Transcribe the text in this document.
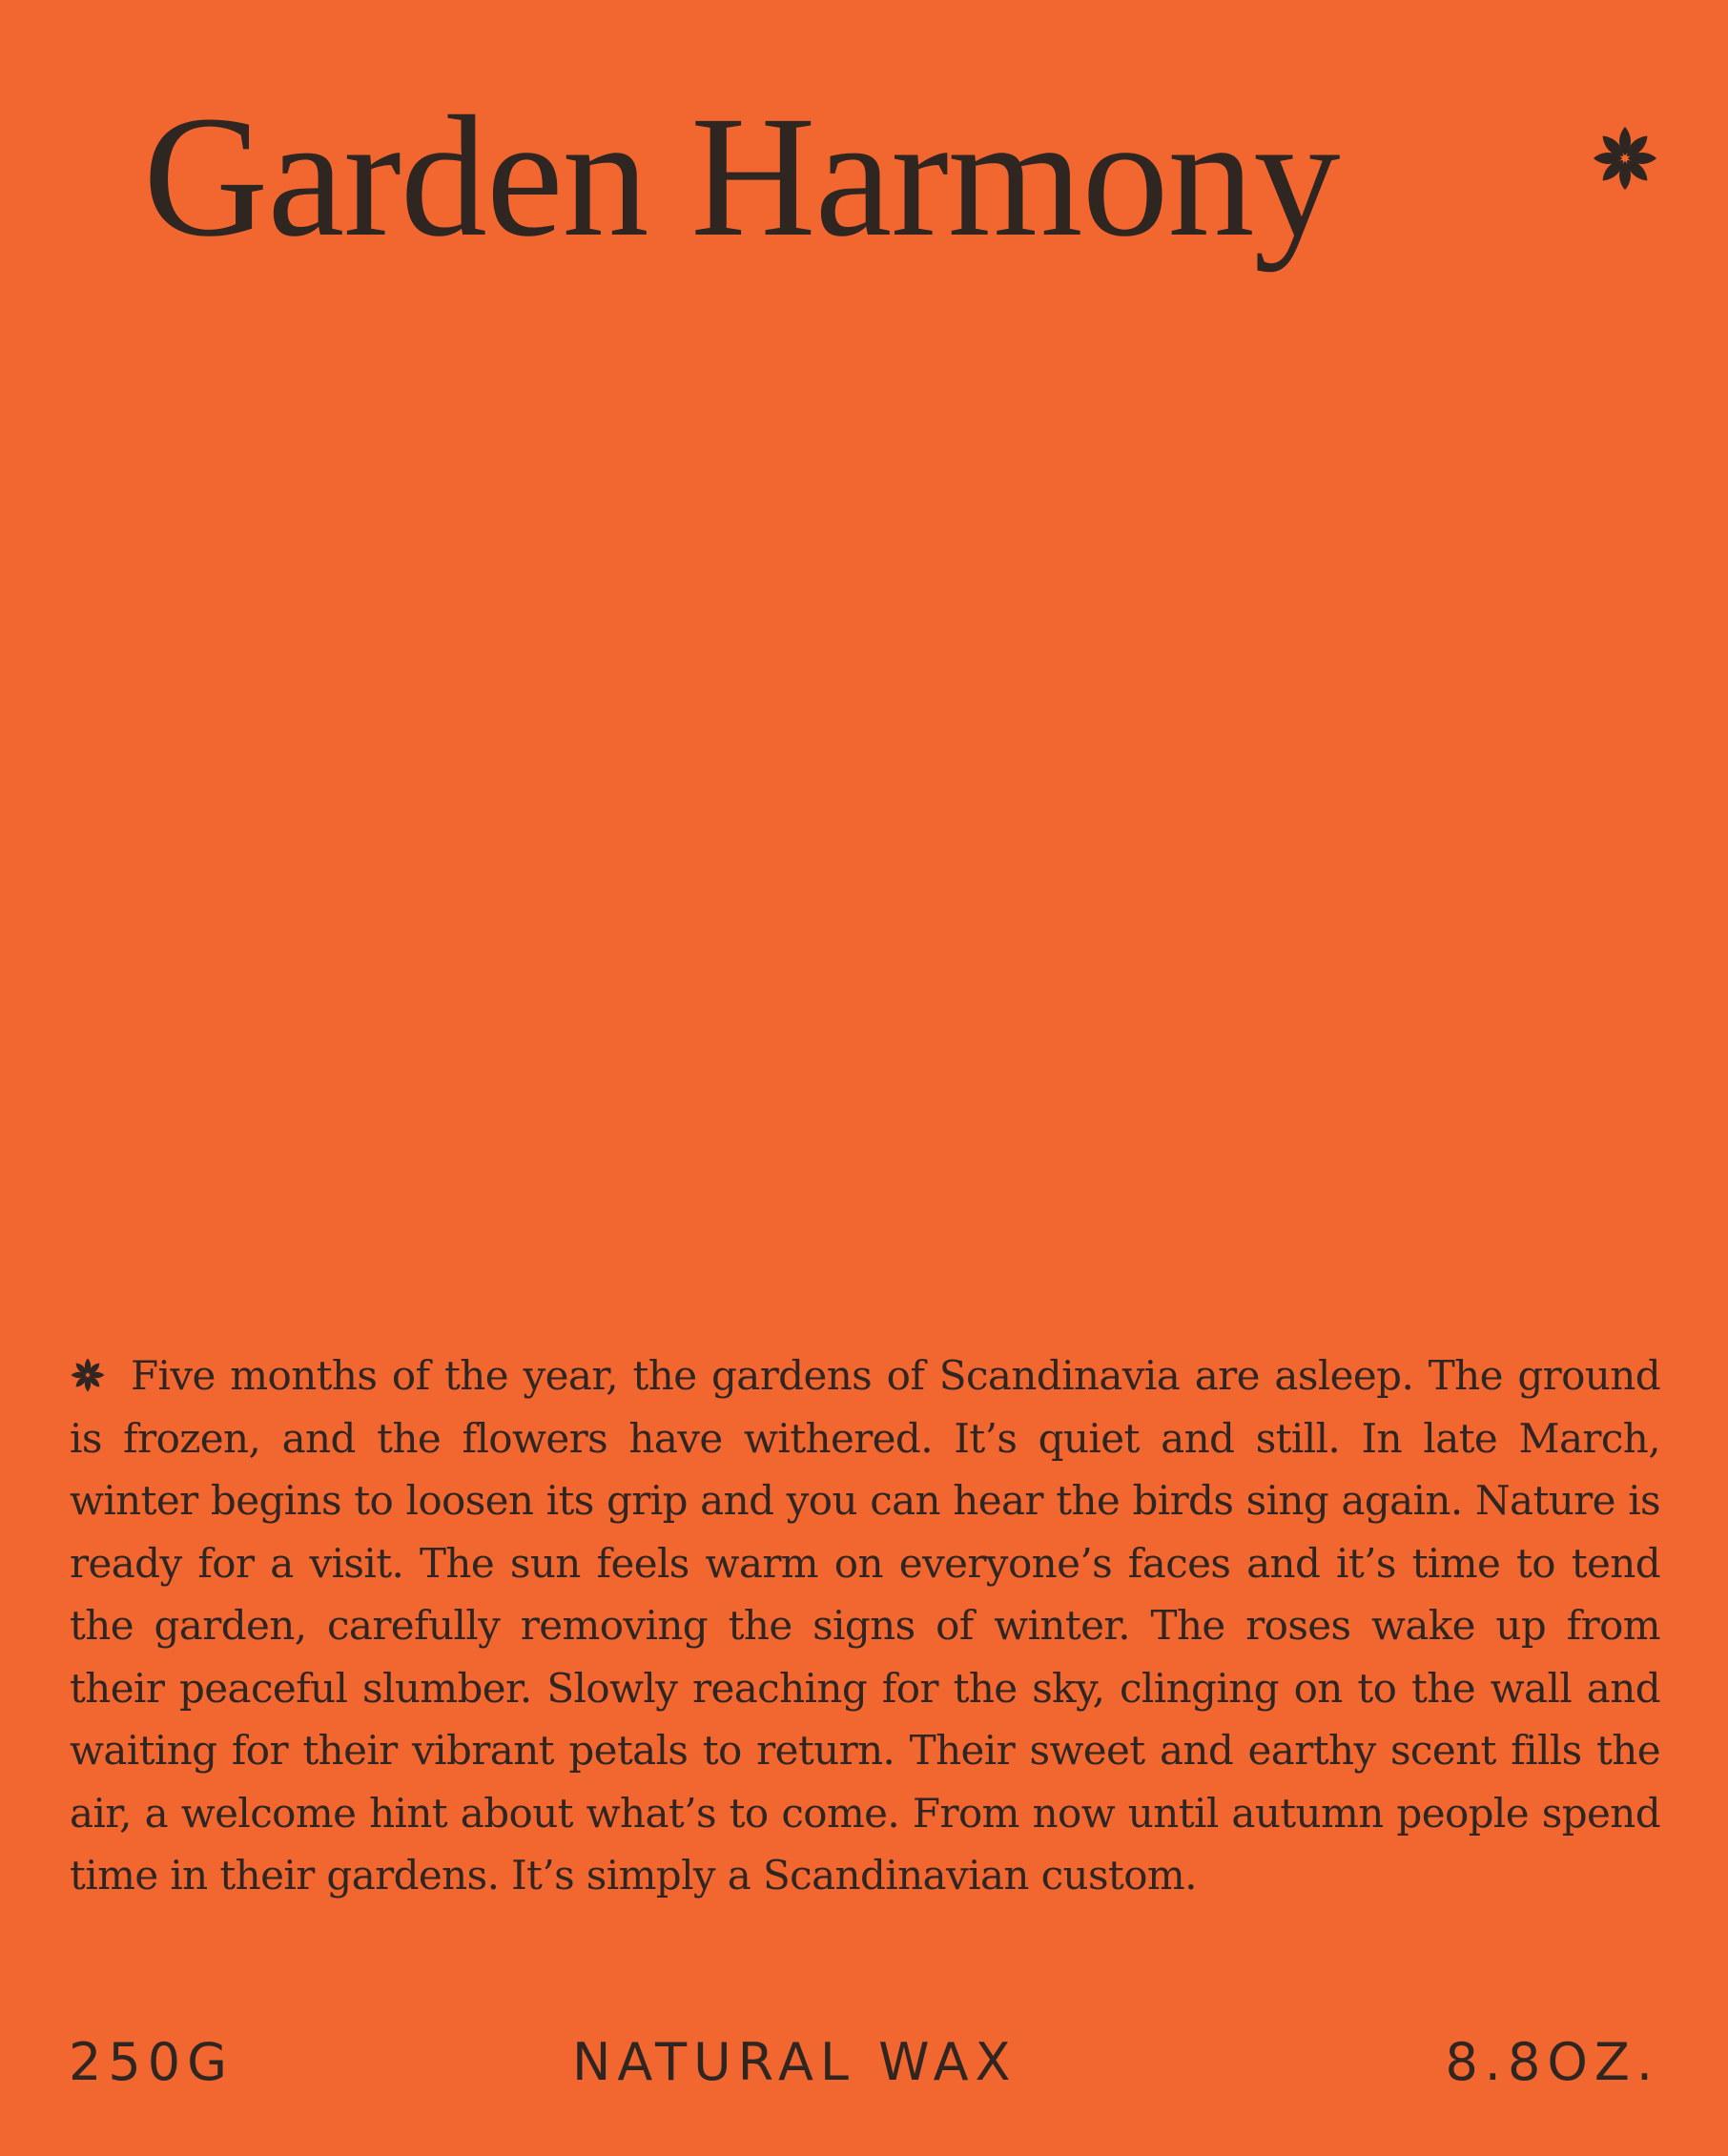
Garden Harmony

Five months of the year, the gardens of Scandinavia are asleep. The ground is frozen, and the flowers have withered. It’s quiet and still. In late March, winter begins to loosen its grip and you can hear the birds sing again. Nature is ready for a visit. The sun feels warm on everyone’s faces and it’s time to tend the garden, carefully removing the signs of winter. The roses wake up from their peaceful slumber. Slowly reaching for the sky, clinging on to the wall and waiting for their vibrant petals to return. Their sweet and earthy scent fills the air, a welcome hint about what’s to come. From now until autumn people spend time in their gardens. It’s simply a Scandinavian custom.

250G	NATURAL WAX	8.8OZ.
